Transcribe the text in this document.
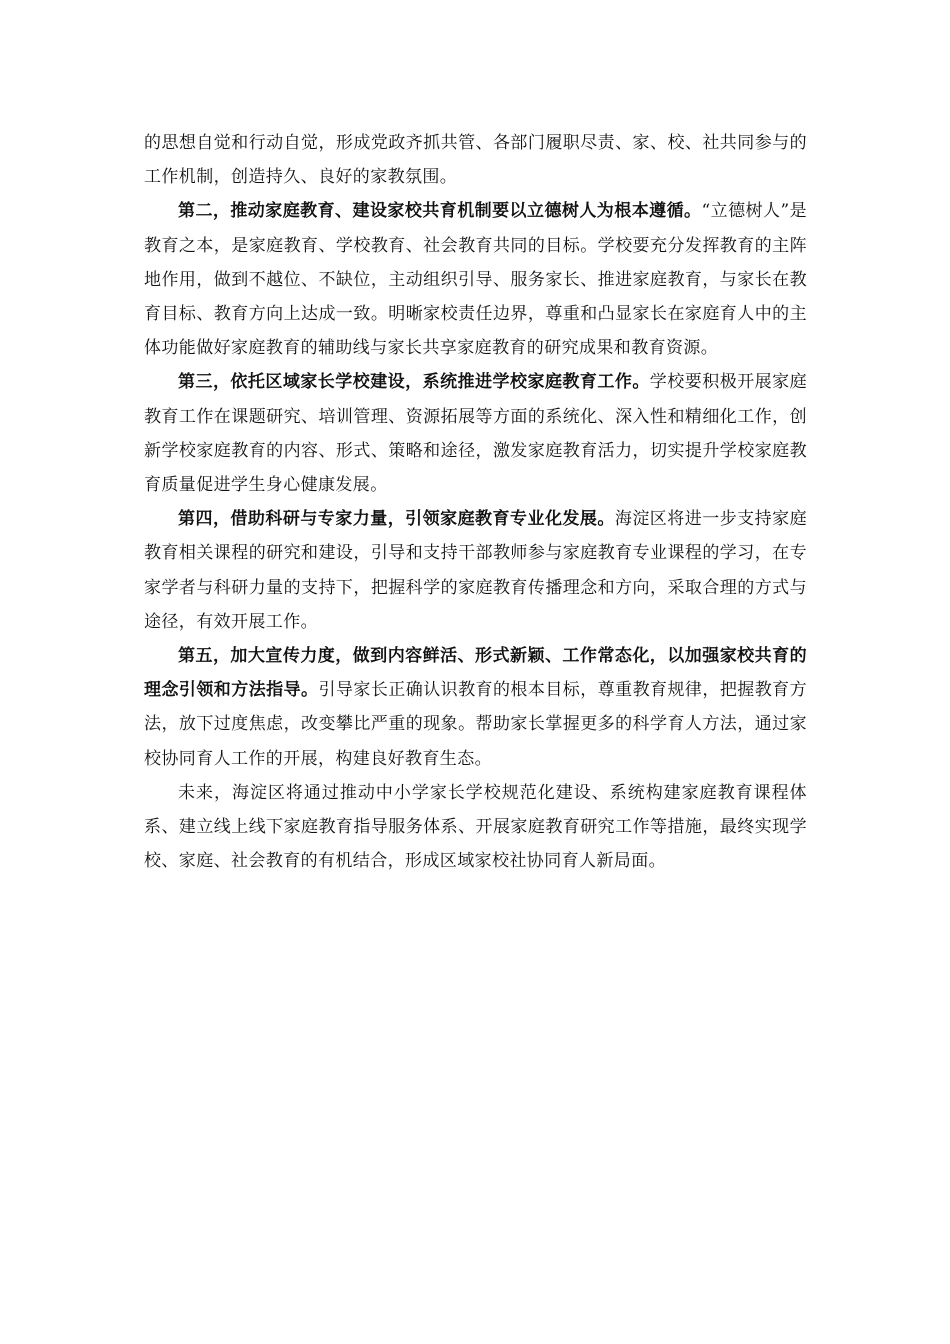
的思想自觉和行动自觉，形成党政齐抓共管、各部门履职尽责、家、校、社共同参与的工作机制，创造持久、良好的家教氛围。

第二，推动家庭教育、建设家校共育机制要以立德树人为根本遵循。“立德树人”是教育之本，是家庭教育、学校教育、社会教育共同的目标。学校要充分发挥教育的主阵地作用，做到不越位、不缺位，主动组织引导、服务家长、推进家庭教育，与家长在教育目标、教育方向上达成一致。明晰家校责任边界，尊重和凸显家长在家庭育人中的主体功能做好家庭教育的辅助线与家长共享家庭教育的研究成果和教育资源。

第三，依托区域家长学校建设，系统推进学校家庭教育工作。学校要积极开展家庭教育工作在课题研究、培训管理、资源拓展等方面的系统化、深入性和精细化工作，创新学校家庭教育的内容、形式、策略和途径，激发家庭教育活力，切实提升学校家庭教育质量促进学生身心健康发展。

第四，借助科研与专家力量，引领家庭教育专业化发展。海淀区将进一步支持家庭教育相关课程的研究和建设，引导和支持干部教师参与家庭教育专业课程的学习，在专家学者与科研力量的支持下，把握科学的家庭教育传播理念和方向，采取合理的方式与途径，有效开展工作。

第五，加大宣传力度，做到内容鲜活、形式新颖、工作常态化，以加强家校共育的理念引领和方法指导。引导家长正确认识教育的根本目标，尊重教育规律，把握教育方法，放下过度焦虑，改变攀比严重的现象。帮助家长掌握更多的科学育人方法，通过家校协同育人工作的开展，构建良好教育生态。

未来，海淀区将通过推动中小学家长学校规范化建设、系统构建家庭教育课程体系、建立线上线下家庭教育指导服务体系、开展家庭教育研究工作等措施，最终实现学校、家庭、社会教育的有机结合，形成区域家校社协同育人新局面。
